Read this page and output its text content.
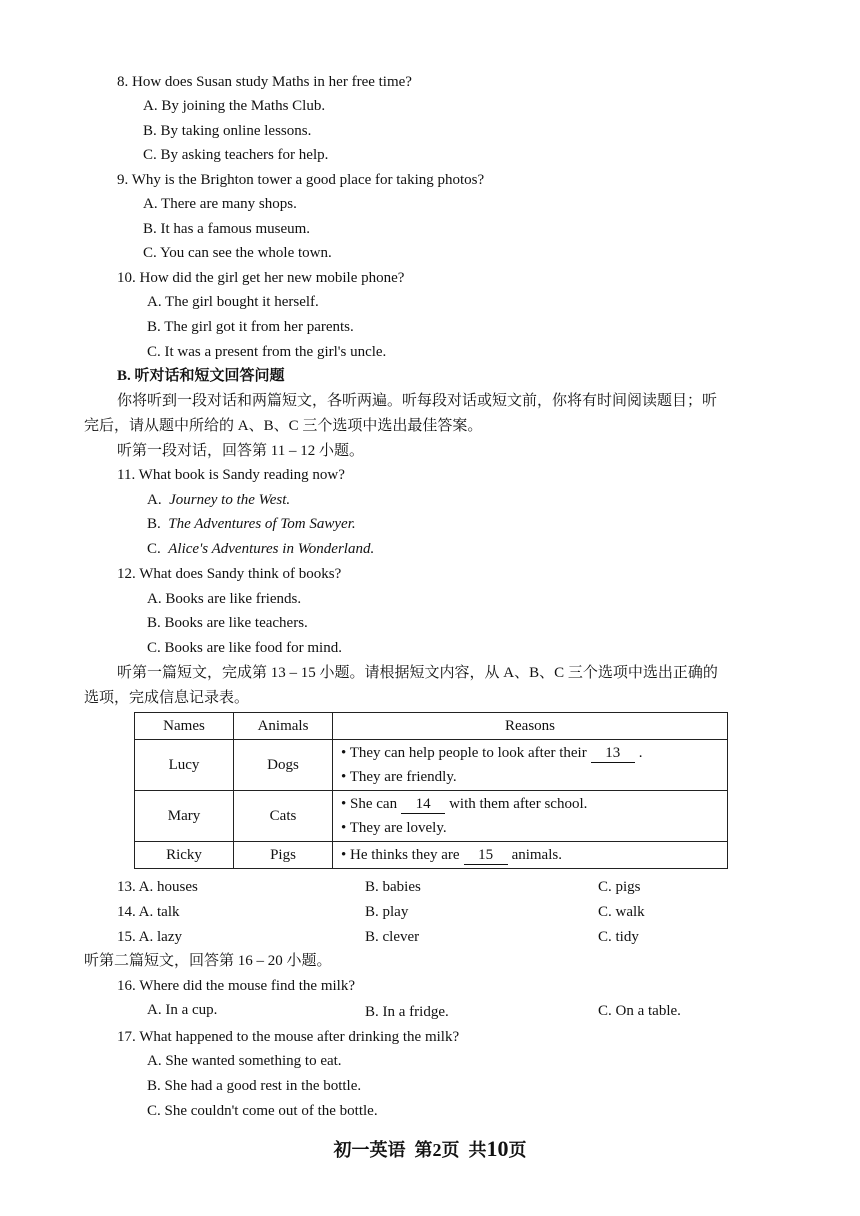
8. How does Susan study Maths in her free time?
A. By joining the Maths Club.
B. By taking online lessons.
C. By asking teachers for help.
9. Why is the Brighton tower a good place for taking photos?
A. There are many shops.
B. It has a famous museum.
C. You can see the whole town.
10. How did the girl get her new mobile phone?
A. The girl bought it herself.
B. The girl got it from her parents.
C. It was a present from the girl's uncle.
B. 听对话和短文回答问题
你将听到一段对话和两篇短文，各听两遍。听每段对话或短文前，你将有时间阅读题目；听
完后，请从题中所给的 A、B、C 三个选项中选出最佳答案。
听第一段对话，回答第 11 – 12 小题。
11. What book is Sandy reading now?
A.  Journey to the West.
B.  The Adventures of Tom Sawyer.
C.  Alice's Adventures in Wonderland.
12. What does Sandy think of books?
A. Books are like friends.
B. Books are like teachers.
C. Books are like food for mind.
听第一篇短文，完成第 13 – 15 小题。请根据短文内容，从 A、B、C 三个选项中选出正确的
选项，完成信息记录表。
Names	Animals	Reasons
Lucy	Dogs	• They can help people to look after their 13 .
• They are friendly.

Mary	Cats	• She can 14 with them after school.
• They are lovely.

Ricky	Pigs	• He thinks they are 15 animals.
13. A. houses	B. babies	C. pigs
14. A. talk	B. play	C. walk
15. A. lazy	B. clever	C. tidy
听第二篇短文，回答第 16 – 20 小题。
16. Where did the mouse find the milk?
A. In a cup.	B. In a fridge.	C. On a table.
17. What happened to the mouse after drinking the milk?
A. She wanted something to eat.
B. She had a good rest in the bottle.
C. She couldn't come out of the bottle.
初一英语 第2页 共10页
